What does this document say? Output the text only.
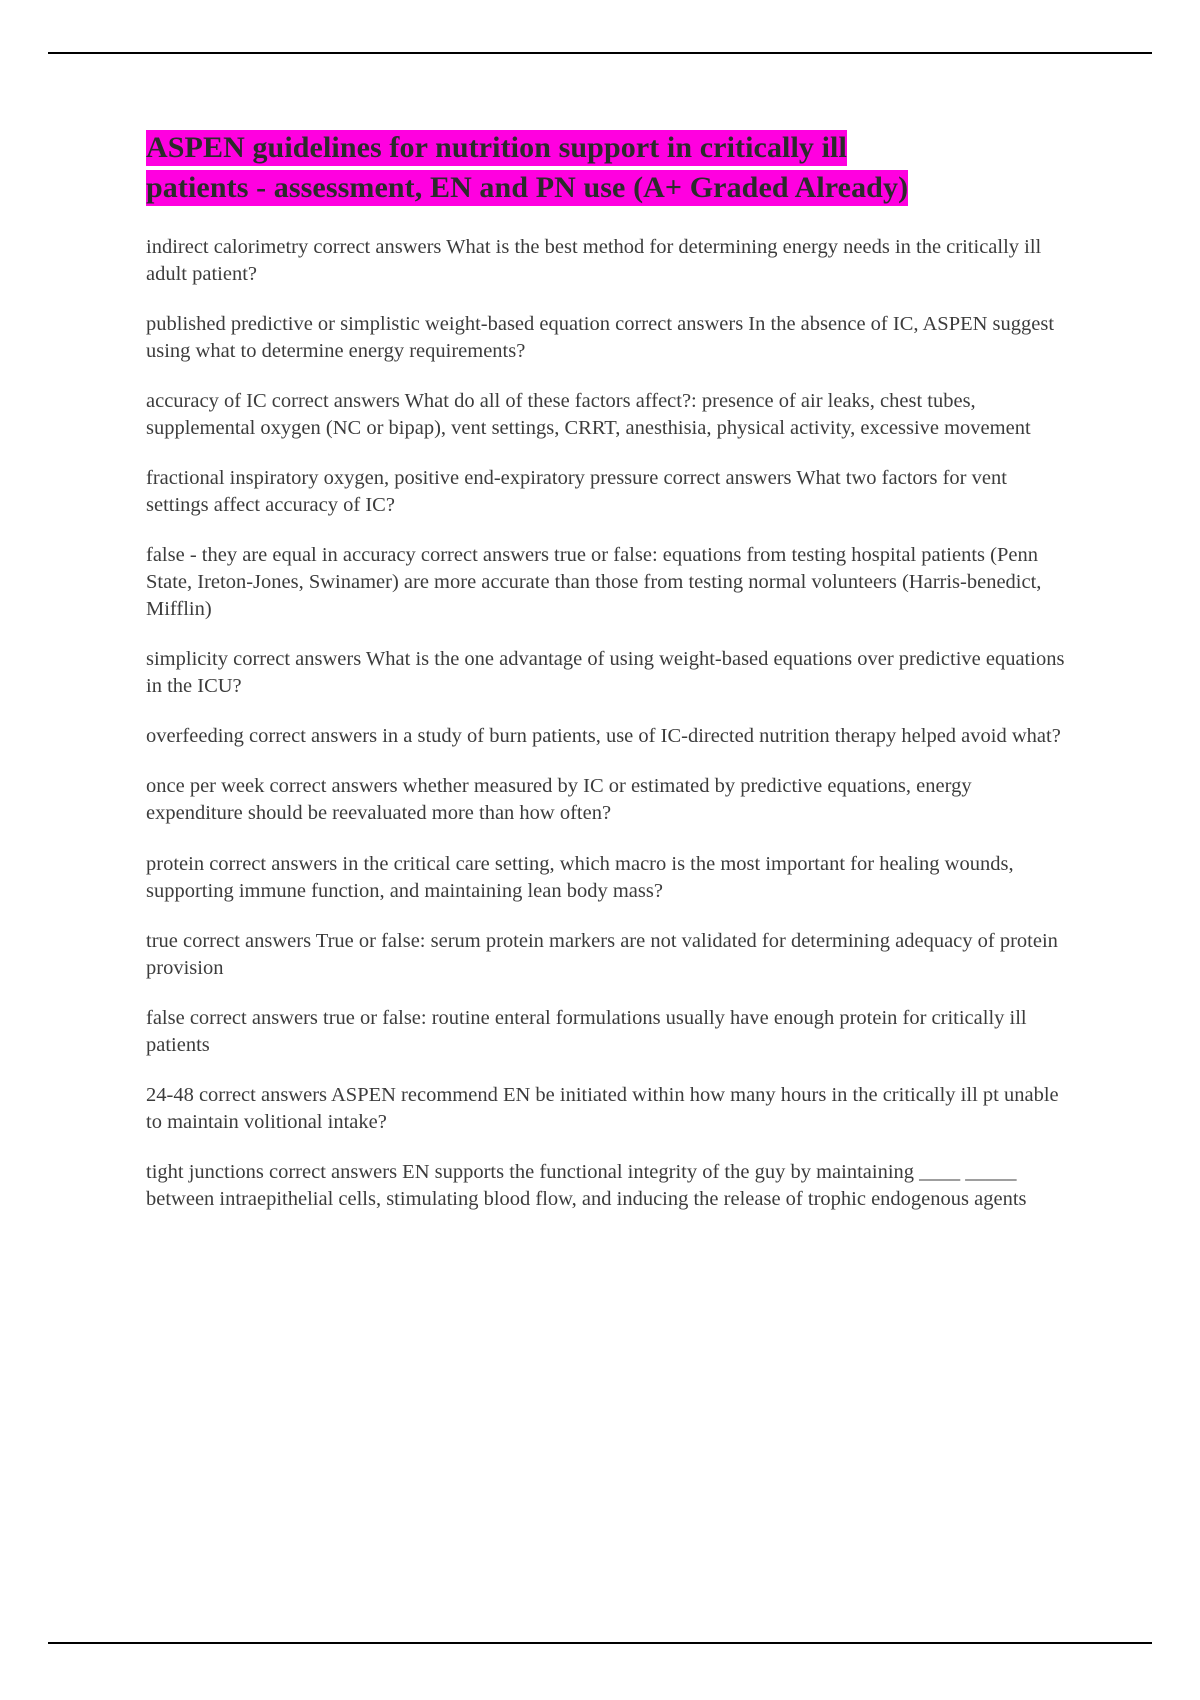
ASPEN guidelines for nutrition support in critically ill
patients - assessment, EN and PN use (A+ Graded Already)

indirect calorimetry correct answers What is the best method for determining energy needs in the critically ill adult patient?

published predictive or simplistic weight-based equation correct answers In the absence of IC, ASPEN suggest using what to determine energy requirements?

accuracy of IC correct answers What do all of these factors affect?: presence of air leaks, chest tubes, supplemental oxygen (NC or bipap), vent settings, CRRT, anesthisia, physical activity, excessive movement

fractional inspiratory oxygen, positive end-expiratory pressure correct answers What two factors for vent settings affect accuracy of IC?

false - they are equal in accuracy correct answers true or false: equations from testing hospital patients (Penn State, Ireton-Jones, Swinamer) are more accurate than those from testing normal volunteers (Harris-benedict, Mifflin)

simplicity correct answers What is the one advantage of using weight-based equations over predictive equations in the ICU?

overfeeding correct answers in a study of burn patients, use of IC-directed nutrition therapy helped avoid what?

once per week correct answers whether measured by IC or estimated by predictive equations, energy expenditure should be reevaluated more than how often?

protein correct answers in the critical care setting, which macro is the most important for healing wounds, supporting immune function, and maintaining lean body mass?

true correct answers True or false: serum protein markers are not validated for determining adequacy of protein provision

false correct answers true or false: routine enteral formulations usually have enough protein for critically ill patients

24-48 correct answers ASPEN recommend EN be initiated within how many hours in the critically ill pt unable to maintain volitional intake?

tight junctions correct answers EN supports the functional integrity of the guy by maintaining ____ _____ between intraepithelial cells, stimulating blood flow, and inducing the release of trophic endogenous agents
